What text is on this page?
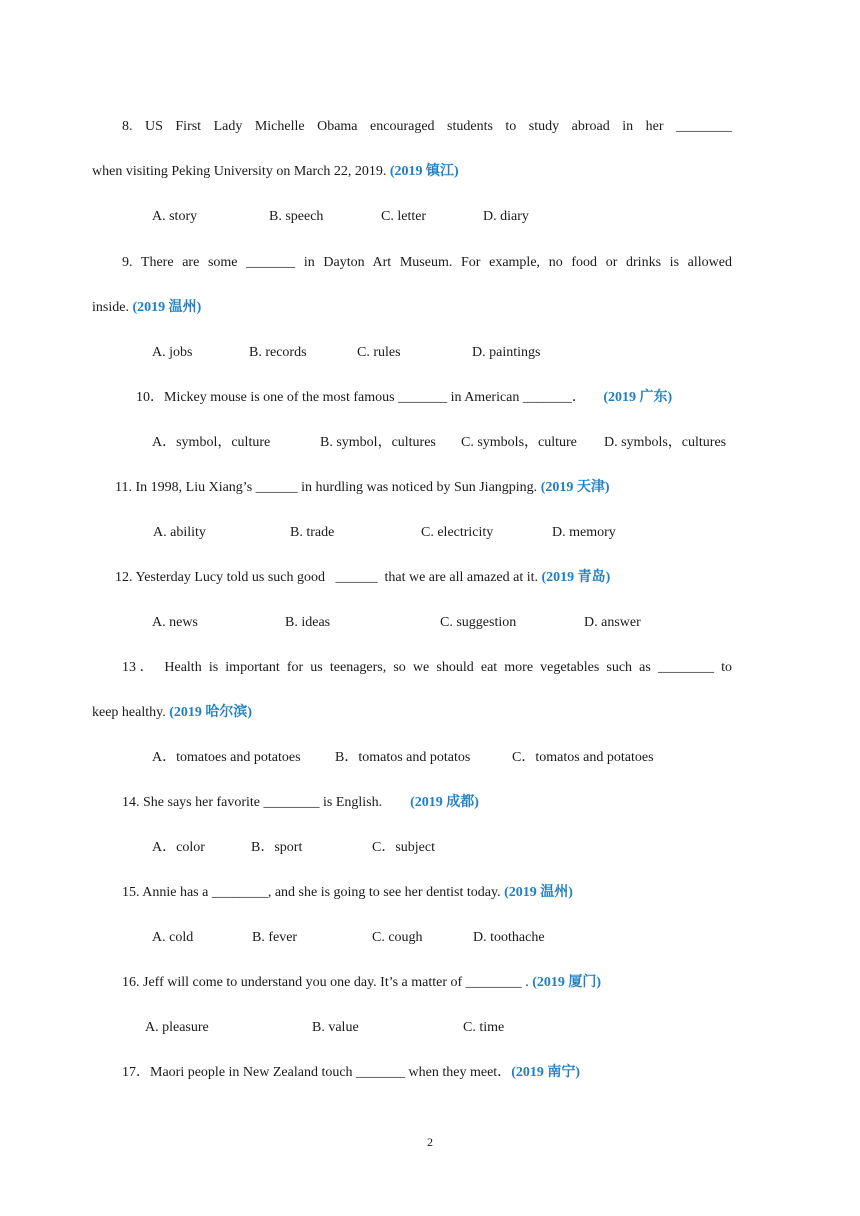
8. US First Lady Michelle Obama encouraged students to study abroad in her ________
when visiting Peking University on March 22, 2019. (2019 镇江)
A. story	B. speech	C. letter	D. diary
9. There are some _______ in Dayton Art Museum. For example, no food or drinks is allowed
inside. (2019 温州)
A. jobs	B. records	C. rules	D. paintings
10．Mickey mouse is one of the most famous _______ in American _______． (2019 广东)
A．symbol，culture	B. symbol，cultures C. symbols，culture D. symbols，cultures
11. In 1998, Liu Xiang’s ______ in hurdling was noticed by Sun Jiangping. (2019 天津)
A. ability	B. trade	C. electricity	D. memory
12. Yesterday Lucy told us such good   ______  that we are all amazed at it. (2019 青岛)
A. news	B. ideas	C. suggestion	D. answer
13． Health is important for us teenagers, so we should eat more vegetables such as ________ to
keep healthy. (2019 哈尔滨)
A．tomatoes and potatoes B．tomatos and potatos	C．tomatos and potatoes
14. She says her favorite ________ is English. (2019 成都)
A．color	B．sport	C．subject
15. Annie has a ________, and she is going to see her dentist today. (2019 温州)
A. cold	B. fever	C. cough	D. toothache
16. Jeff will come to understand you one day. It’s a matter of ________ . (2019 厦门)
A. pleasure	B. value	C. time
17．Maori people in New Zealand touch _______ when they meet．(2019 南宁)
2
